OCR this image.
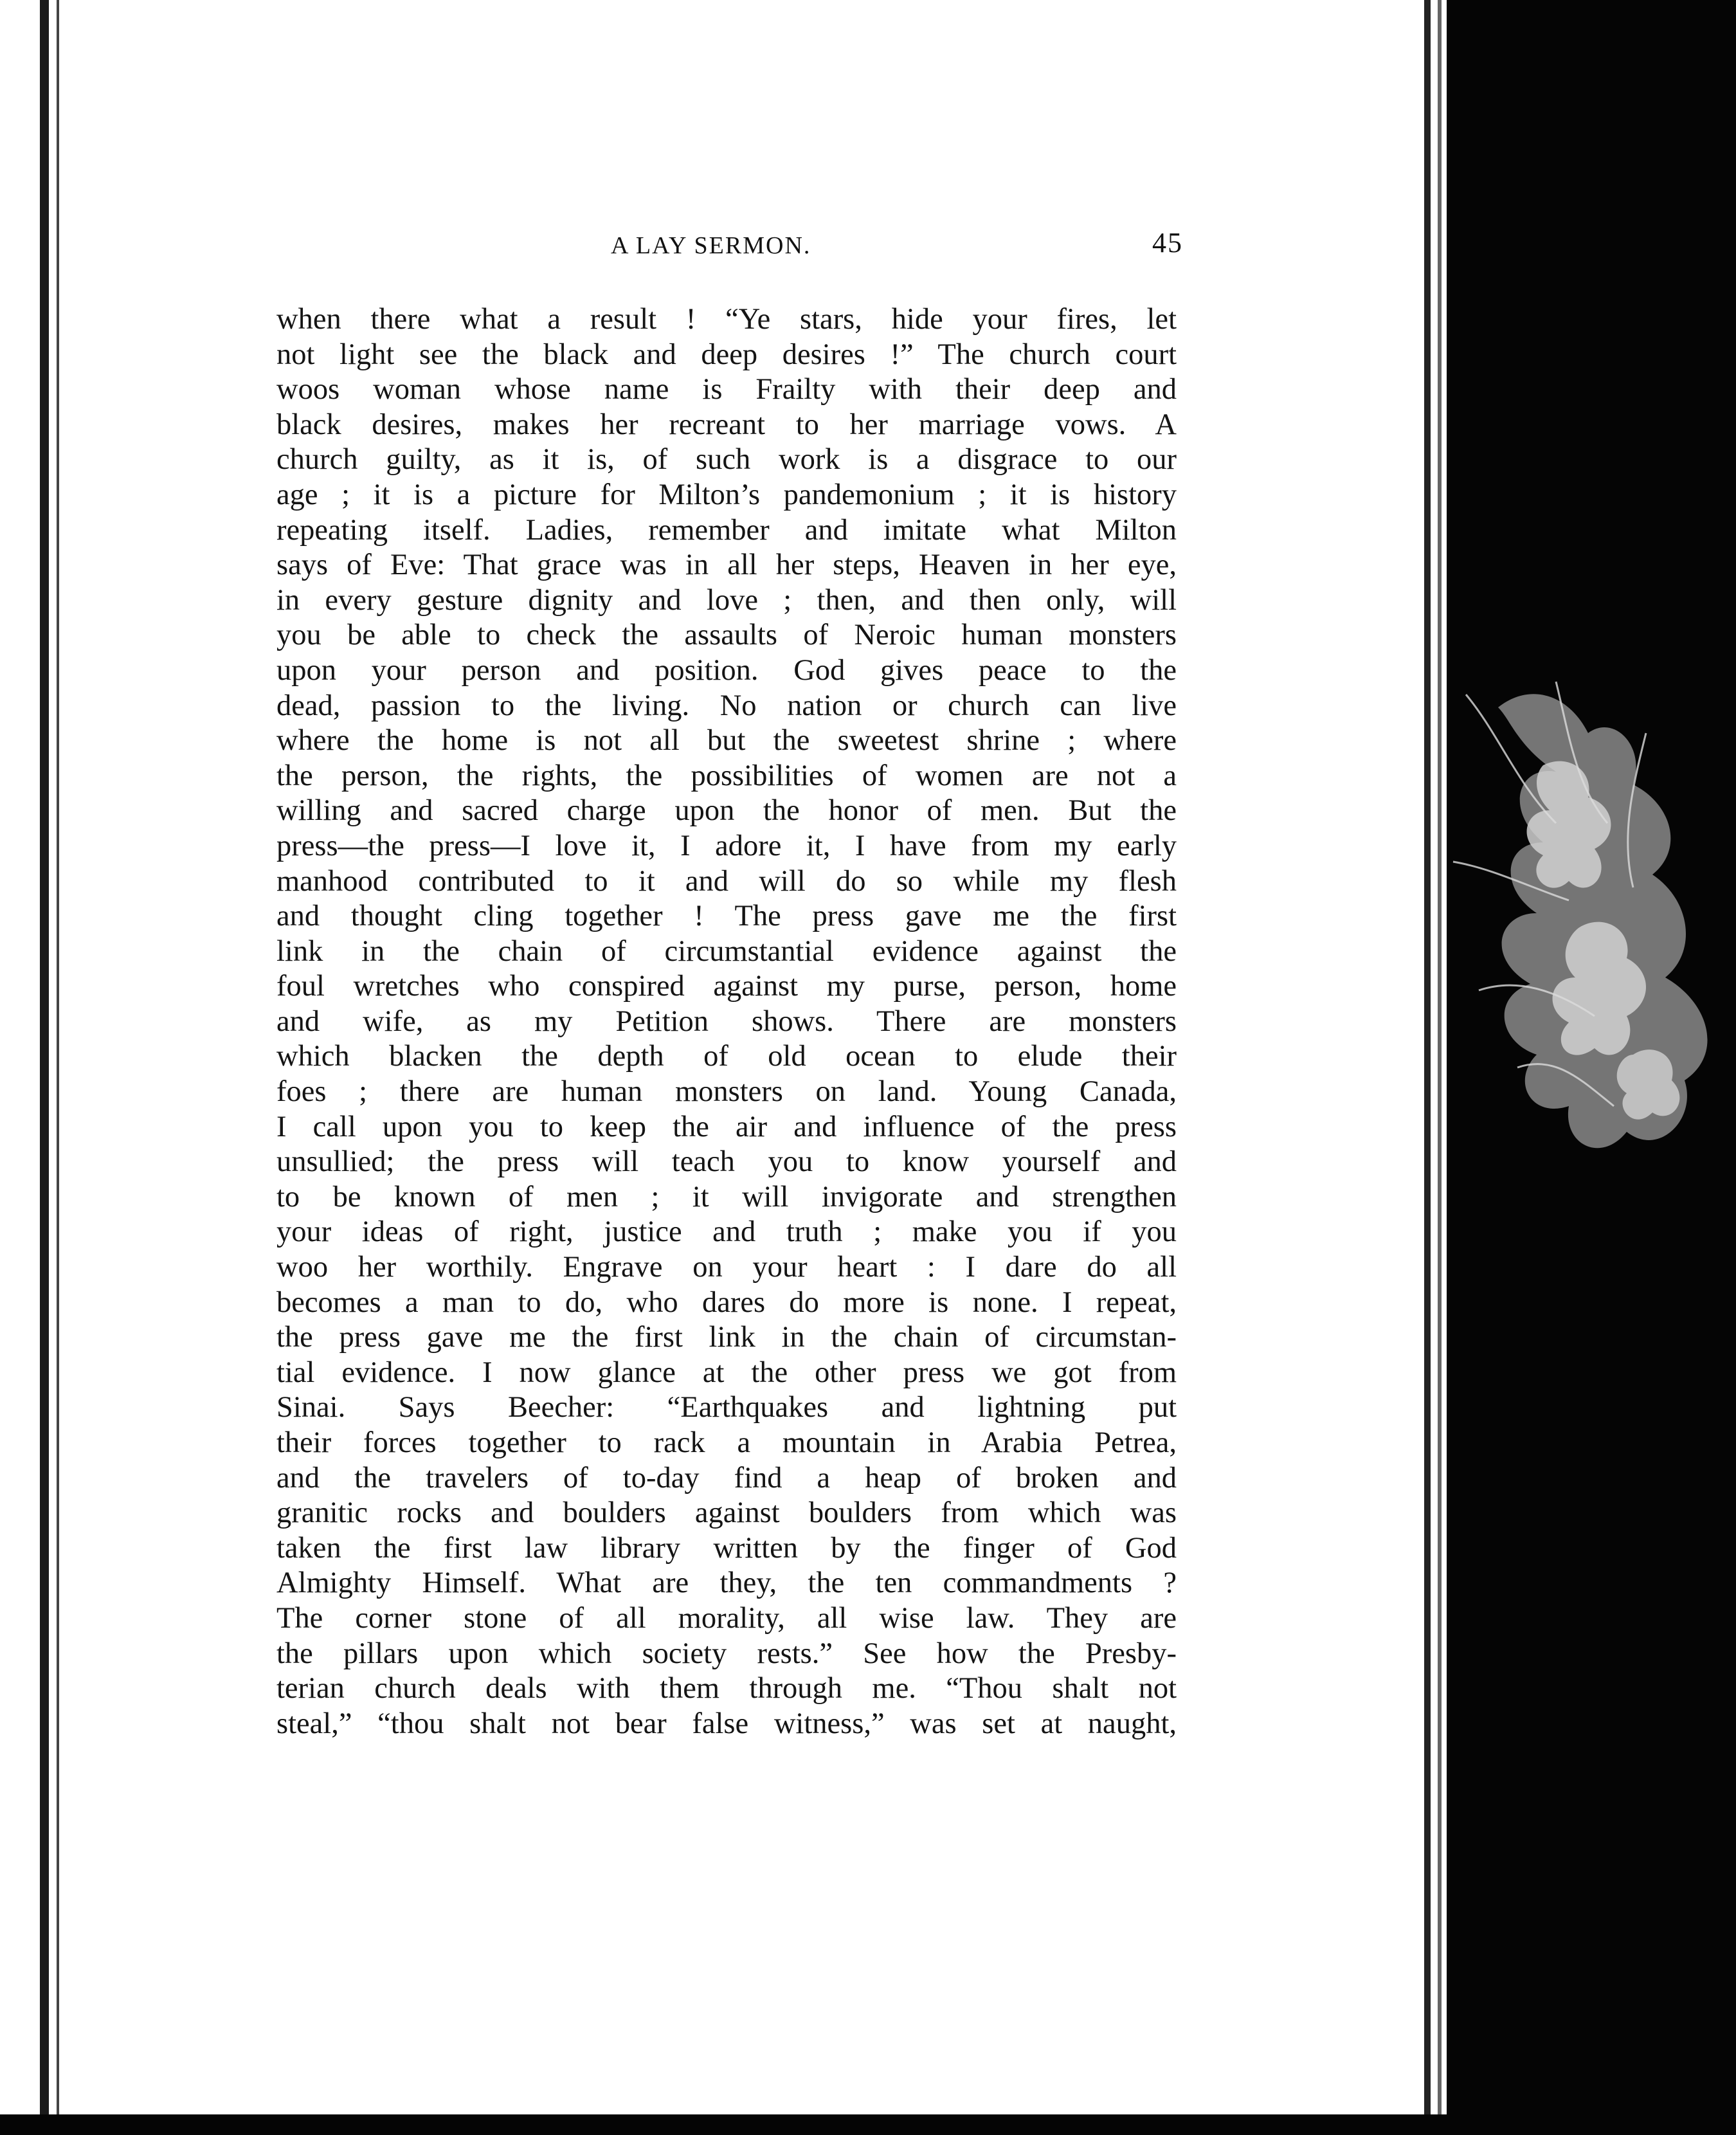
A LAY SERMON.	45
when there what a result ! “Ye stars, hide your fires, let
not light see the black and deep desires !” The church court
woos woman whose name is Frailty with their deep and
black desires, makes her recreant to her marriage vows. A
church guilty, as it is, of such work is a disgrace to our
age ; it is a picture for Milton’s pandemonium ; it is history
repeating itself. Ladies, remember and imitate what Milton
says of Eve: That grace was in all her steps, Heaven in her eye,
in every gesture dignity and love ; then, and then only, will
you be able to check the assaults of Neroic human monsters
upon your person and position. God gives peace to the
dead, passion to the living. No nation or church can live
where the home is not all but the sweetest shrine ; where
the person, the rights, the possibilities of women are not a
willing and sacred charge upon the honor of men. But the
press—the press—I love it, I adore it, I have from my early
manhood contributed to it and will do so while my flesh
and thought cling together ! The press gave me the first
link in the chain of circumstantial evidence against the
foul wretches who conspired against my purse, person, home
and wife, as my Petition shows. There are monsters
which blacken the depth of old ocean to elude their
foes ; there are human monsters on land. Young Canada,
I call upon you to keep the air and influence of the press
unsullied; the press will teach you to know yourself and
to be known of men ; it will invigorate and strengthen
your ideas of right, justice and truth ; make you if you
woo her worthily. Engrave on your heart : I dare do all
becomes a man to do, who dares do more is none. I repeat,
the press gave me the first link in the chain of circumstan-
tial evidence. I now glance at the other press we got from
Sinai. Says Beecher: “Earthquakes and lightning put
their forces together to rack a mountain in Arabia Petrea,
and the travelers of to-day find a heap of broken and
granitic rocks and boulders against boulders from which was
taken the first law library written by the finger of God
Almighty Himself. What are they, the ten commandments ?
The corner stone of all morality, all wise law. They are
the pillars upon which society rests.” See how the Presby-
terian church deals with them through me. “Thou shalt not
steal,” “thou shalt not bear false witness,” was set at naught,
